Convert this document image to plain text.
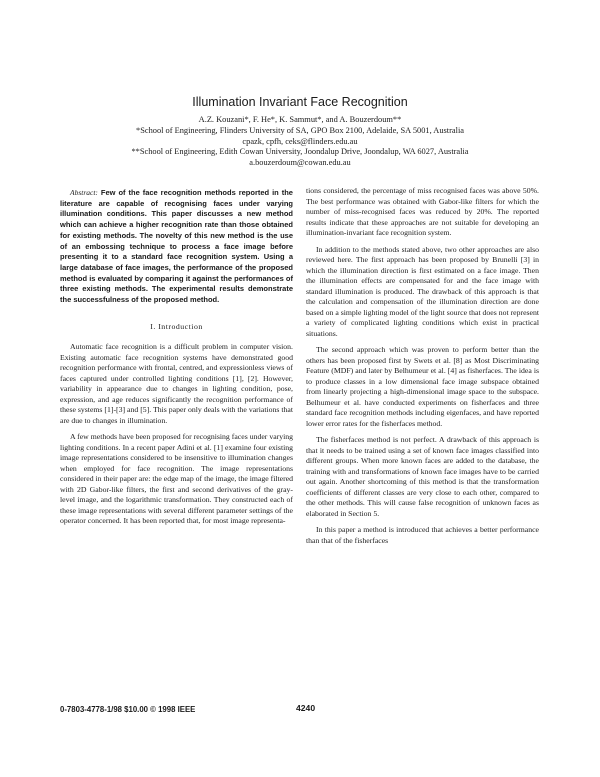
Illumination Invariant Face Recognition
A.Z. Kouzani*, F. He*, K. Sammut*, and A. Bouzerdoum**
*School of Engineering, Flinders University of SA, GPO Box 2100, Adelaide, SA 5001, Australia
cpazk, cpfh, ceks@flinders.edu.au
**School of Engineering, Edith Cowan University, Joondalup Drive, Joondalup, WA 6027, Australia
a.bouzerdoum@cowan.edu.au

Abstract: Few of the face recognition methods reported in the literature are capable of recognising faces under varying illumination conditions. This paper discusses a new method which can achieve a higher recognition rate than those obtained for existing methods. The novelty of this new method is the use of an embossing technique to process a face image before presenting it to a standard face recognition system. Using a large database of face images, the performance of the proposed method is evaluated by comparing it against the performances of three existing methods. The experimental results demonstrate the successfulness of the proposed method.

I. Introduction

Automatic face recognition is a difficult problem in computer vision. Existing automatic face recognition systems have demonstrated good recognition performance with frontal, centred, and expressionless views of faces captured under controlled lighting conditions [1], [2]. However, variability in appearance due to changes in lighting condition, pose, expression, and age reduces significantly the recognition performance of these systems [1]-[3] and [5]. This paper only deals with the variations that are due to changes in illumination.

A few methods have been proposed for recognising faces under varying lighting conditions. In a recent paper Adini et al. [1] examine four existing image representations considered to be insensitive to illumination changes when employed for face recognition. The image representations considered in their paper are: the edge map of the image, the image filtered with 2D Gabor-like filters, the first and second derivatives of the gray-level image, and the logarithmic transformation. They constructed each of these image representations with several different parameter settings of the operator concerned. It has been reported that, for most image representa-

tions considered, the percentage of miss recognised faces was above 50%. The best performance was obtained with Gabor-like filters for which the number of miss-recognised faces was reduced by 20%. The reported results indicate that these approaches are not suitable for developing an illumination-invariant face recognition system.

In addition to the methods stated above, two other approaches are also reviewed here. The first approach has been proposed by Brunelli [3] in which the illumination direction is first estimated on a face image. Then the illumination effects are compensated for and the face image with standard illumination is produced. The drawback of this approach is that the calculation and compensation of the illumination direction are done based on a simple lighting model of the light source that does not represent a variety of complicated lighting conditions which exist in practical situations.

The second approach which was proven to perform better than the others has been proposed first by Swets et al. [8] as Most Discriminating Feature (MDF) and later by Belhumeur et al. [4] as fisherfaces. The idea is to produce classes in a low dimensional face image subspace obtained from linearly projecting a high-dimensional image space to the subspace. Belhumeur et al. have conducted experiments on fisherfaces and three standard face recognition methods including eigenfaces, and have reported lower error rates for the fisherfaces method.

The fisherfaces method is not perfect. A drawback of this approach is that it needs to be trained using a set of known face images classified into different groups. When more known faces are added to the database, the training with and transformations of known face images have to be carried out again. Another shortcoming of this method is that the transformation coefficients of different classes are very close to each other, compared to the other methods. This will cause false recognition of unknown faces as elaborated in Section 5.

In this paper a method is introduced that achieves a better performance than that of the fisherfaces

0-7803-4778-1/98 $10.00 © 1998 IEEE	4240
